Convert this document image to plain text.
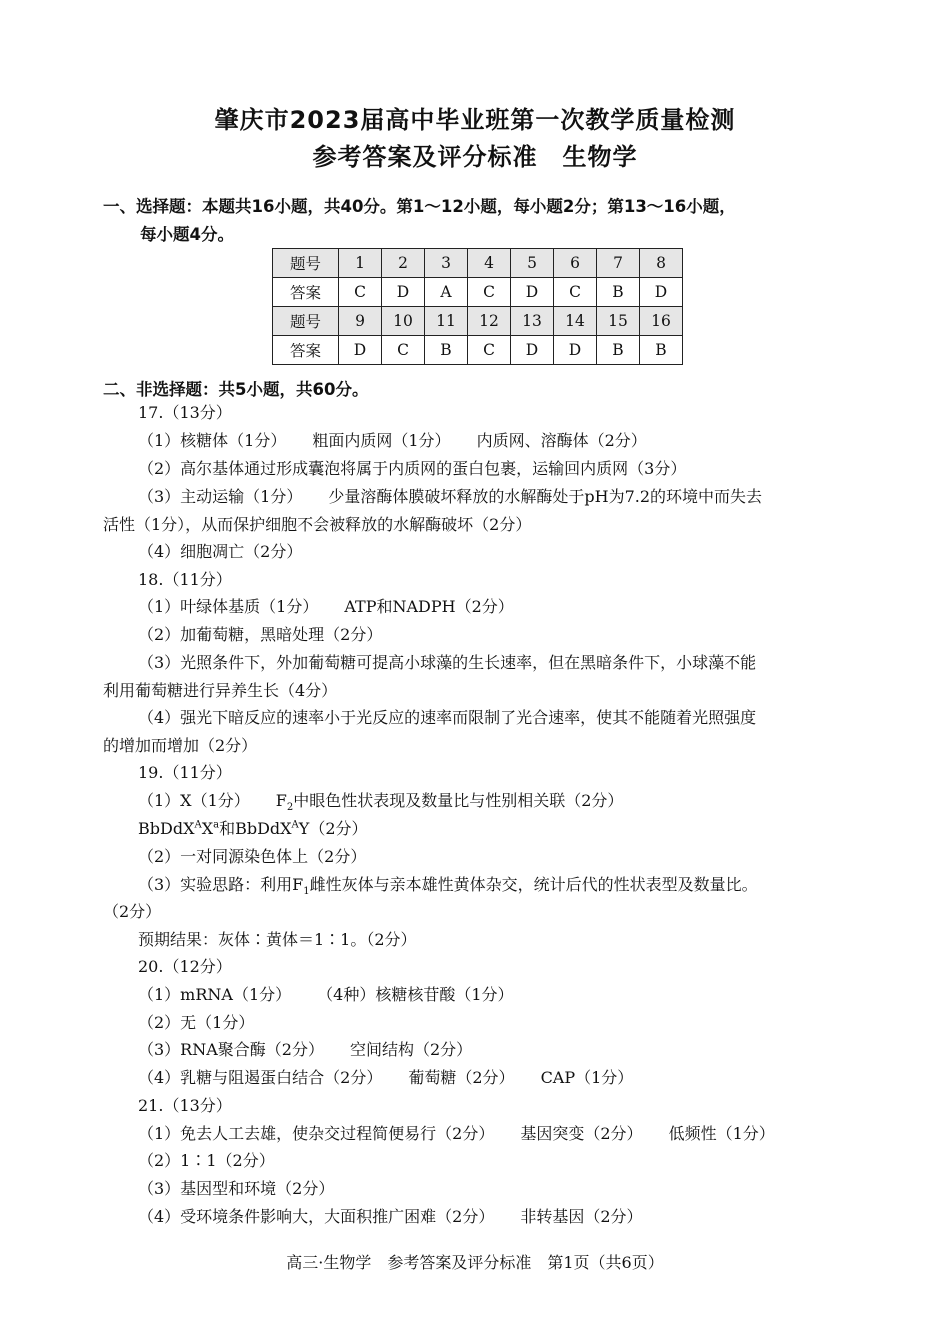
肇庆市2023届高中毕业班第一次教学质量检测
参考答案及评分标准　生物学
一、选择题：本题共16小题，共40分。第1～12小题，每小题2分；第13～16小题，
每小题4分。
题号	1	2	3	4	5	6	7	8
答案	C	D	A	C	D	C	B	D
题号	9	10	11	12	13	14	15	16
答案	D	C	B	C	D	D	B	B
二、非选择题：共5小题，共60分。
17.（13分）
（1）核糖体（1分） 粗面内质网（1分） 内质网、溶酶体（2分）
（2）高尔基体通过形成囊泡将属于内质网的蛋白包裹，运输回内质网（3分）
（3）主动运输（1分） 少量溶酶体膜破坏释放的水解酶处于pH为7.2的环境中而失去
活性（1分），从而保护细胞不会被释放的水解酶破坏（2分）
（4）细胞凋亡（2分）
18.（11分）
（1）叶绿体基质（1分） ATP和NADPH（2分）
（2）加葡萄糖，黑暗处理（2分）
（3）光照条件下，外加葡萄糖可提高小球藻的生长速率，但在黑暗条件下，小球藻不能
利用葡萄糖进行异养生长（4分）
（4）强光下暗反应的速率小于光反应的速率而限制了光合速率，使其不能随着光照强度
的增加而增加（2分）
19.（11分）
（1）X（1分） $F_2$中眼色性状表现及数量比与性别相关联（2分）
$BbDdX^AX^a$和BbDdX$^A$Y（2分）
（2）一对同源染色体上（2分）
（3）实验思路：利用$F_1$雌性灰体与亲本雄性黄体杂交，统计后代的性状表型及数量比。
（2分）
预期结果：灰体∶黄体＝1∶1。（2分）
20.（12分）
（1）mRNA（1分） （4种）核糖核苷酸（1分）
（2）无（1分）
（3）RNA聚合酶（2分） 空间结构（2分）
（4）乳糖与阻遏蛋白结合（2分） 葡萄糖（2分） CAP（1分）
21.（13分）
（1）免去人工去雄，使杂交过程简便易行（2分） 基因突变（2分） 低频性（1分）
（2）1∶1（2分）
（3）基因型和环境（2分）
（4）受环境条件影响大，大面积推广困难（2分） 非转基因（2分）
高三·生物学　参考答案及评分标准　第1页（共6页）
